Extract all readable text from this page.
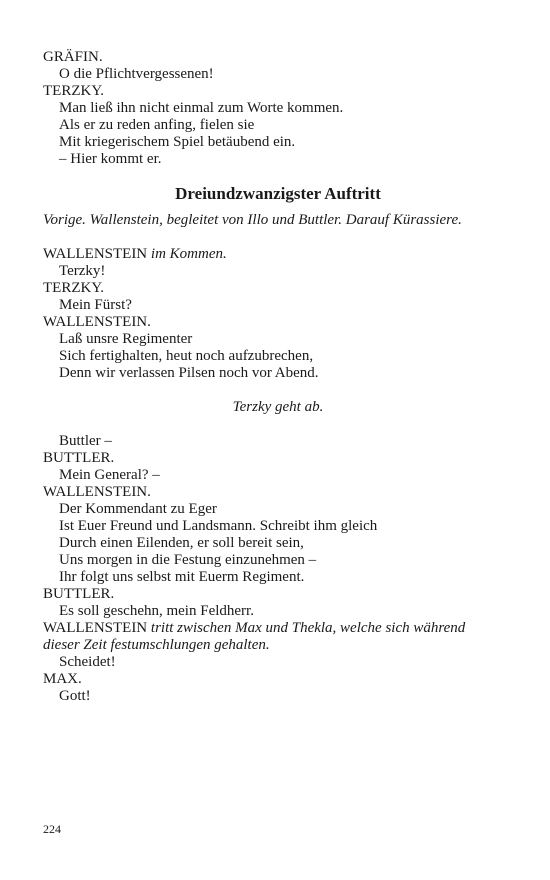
GRÄFIN.
O die Pflichtvergessenen!
TERZKY.
Man ließ ihn nicht einmal zum Worte kommen.
Als er zu reden anfing, fielen sie
Mit kriegerischem Spiel betäubend ein.
– Hier kommt er.
Dreiundzwanzigster Auftritt
Vorige. Wallenstein, begleitet von Illo und Buttler. Darauf Kürassiere.
WALLENSTEIN im Kommen.
Terzky!
TERZKY.
Mein Fürst?
WALLENSTEIN.
Laß unsre Regimenter
Sich fertighalten, heut noch aufzubrechen,
Denn wir verlassen Pilsen noch vor Abend.
Terzky geht ab.
Buttler –
BUTTLER.
Mein General? –
WALLENSTEIN.
Der Kommendant zu Eger
Ist Euer Freund und Landsmann. Schreibt ihm gleich
Durch einen Eilenden, er soll bereit sein,
Uns morgen in die Festung einzunehmen –
Ihr folgt uns selbst mit Euerm Regiment.
BUTTLER.
Es soll geschehn, mein Feldherr.
WALLENSTEIN tritt zwischen Max und Thekla, welche sich während
dieser Zeit festumschlungen gehalten.
Scheidet!
MAX.
Gott!
224
